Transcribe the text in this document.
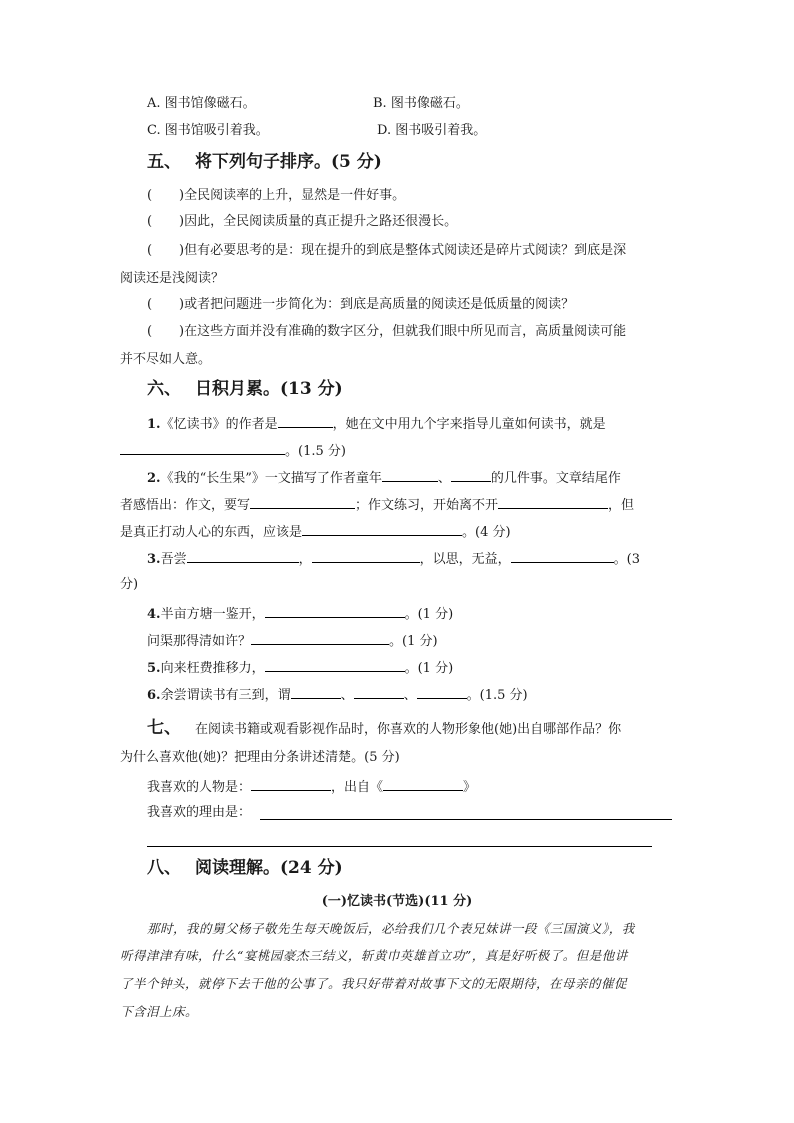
A. 图书馆像磁石。	B. 图书像磁石。
C. 图书馆吸引着我。	D. 图书吸引着我。
五、 将下列句子排序。(5 分)
( )全民阅读率的上升，显然是一件好事。
( )因此，全民阅读质量的真正提升之路还很漫长。
( )但有必要思考的是：现在提升的到底是整体式阅读还是碎片式阅读？到底是深
阅读还是浅阅读？
( )或者把问题进一步简化为：到底是高质量的阅读还是低质量的阅读？
( )在这些方面并没有准确的数字区分，但就我们眼中所见而言，高质量阅读可能
并不尽如人意。
六、 日积月累。(13 分)
1.《忆读书》的作者是	，她在文中用九个字来指导儿童如何读书，就是
。(1.5 分)
2.《我的“长生果”》一文描写了作者童年	、	的几件事。文章结尾作
者感悟出：作文，要写	；作文练习，开始离不开	，但
是真正打动人心的东西，应该是	。(4 分)
3.吾尝	，	，以思，无益，	。(3
分)
4.半亩方塘一鉴开，	。(1 分)
问渠那得清如许？	。(1 分)
5.向来枉费推移力，	。(1 分)
6.余尝谓读书有三到，谓	、	、	。(1.5 分)
七、 在阅读书籍或观看影视作品时，你喜欢的人物形象他(她)出自哪部作品？你
为什么喜欢他(她)？把理由分条讲述清楚。(5 分)
我喜欢的人物是：	，出自《	》
我喜欢的理由是：
八、 阅读理解。(24 分)
(一)忆读书(节选)(11 分)
那时，我的舅父杨子敬先生每天晚饭后，必给我们几个表兄妹讲一段《三国演义》，我
听得津津有味，什么“宴桃园豪杰三结义，斩黄巾英雄首立功”，真是好听极了。但是他讲
了半个钟头，就停下去干他的公事了。我只好带着对故事下文的无限期待，在母亲的催促
下含泪上床。
